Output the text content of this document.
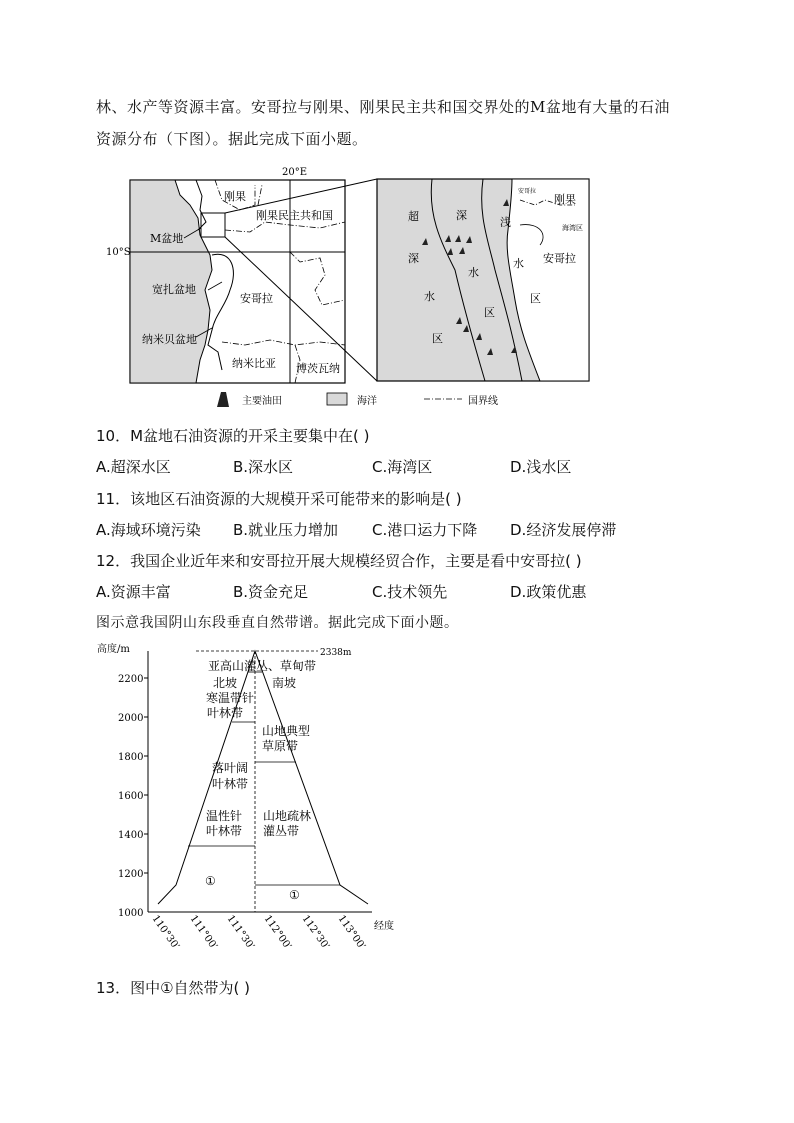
林、水产等资源丰富。安哥拉与刚果、刚果民主共和国交界处的M盆地有大量的石油
资源分布（下图）。据此完成下面小题。
20°E
10°S
刚果
刚果民主共和国
M盆地
宽扎盆地
安哥拉
纳米贝盆地
纳米比亚 博茨瓦纳
超
深
水
区
深
水
区
浅
水
区
安哥拉
刚果
海湾区
安哥拉
主要油田	海洋	国界线
10．M盆地石油资源的开采主要集中在( )
A.超深水区	B.深水区	C.海湾区	D.浅水区
11．该地区石油资源的大规模开采可能带来的影响是( )
A.海域环境污染 B.就业压力增加 C.港口运力下降 D.经济发展停滞
12．我国企业近年来和安哥拉开展大规模经贸合作，主要是看中安哥拉( )
A.资源丰富	B.资金充足	C.技术领先	D.政策优惠
图示意我国阴山东段垂直自然带谱。据此完成下面小题。
高度/m
经度
2200
2000
1800
1600
1400
1200
1000 110°30′ 111°00′ 111°30′ 112°00′ 112°30′ 113°00′
2338m
亚高山灌丛、草甸带
北坡	南坡
寒温带针
叶林带
落叶阔
叶林带
温性针
叶林带
①
山地典型
草原带
山地疏林
灌丛带
①
13．图中①自然带为( )
